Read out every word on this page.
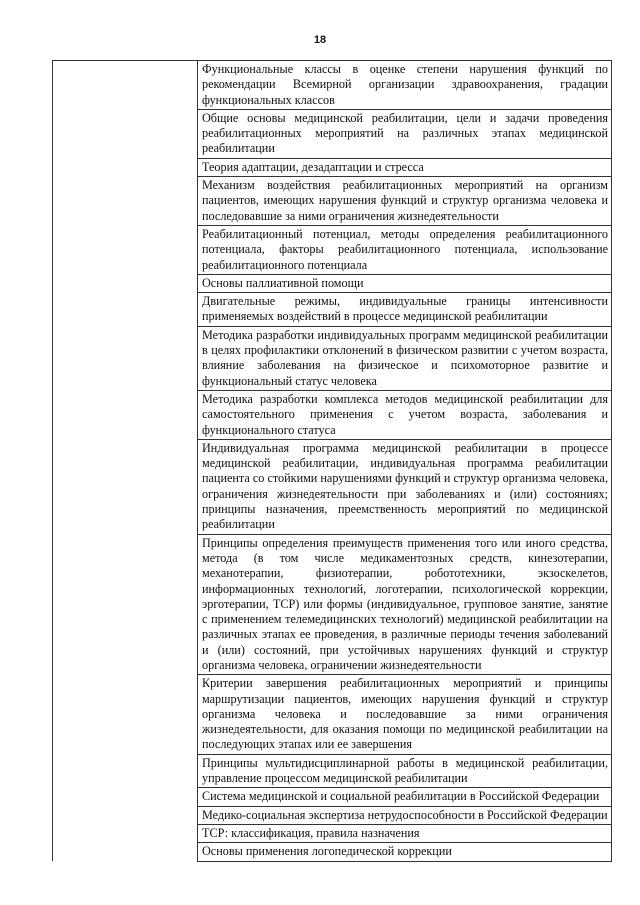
18

Функциональные классы в оценке степени нарушения функций по рекомендации Всемирной организации здравоохранения, градации функциональных классов

Общие основы медицинской реабилитации, цели и задачи проведения реабилитационных мероприятий на различных этапах медицинской реабилитации

Теория адаптации, дезадаптации и стресса

Механизм воздействия реабилитационных мероприятий на организм пациентов, имеющих нарушения функций и структур организма человека и последовавшие за ними ограничения жизнедеятельности

Реабилитационный потенциал, методы определения реабилитационного потенциала, факторы реабилитационного потенциала, использование реабилитационного потенциала

Основы паллиативной помощи

Двигательные режимы, индивидуальные границы интенсивности применяемых воздействий в процессе медицинской реабилитации

Методика разработки индивидуальных программ медицинской реабилитации в целях профилактики отклонений в физическом развитии с учетом возраста, влияние заболевания на физическое и психомоторное развитие и функциональный статус человека

Методика разработки комплекса методов медицинской реабилитации для самостоятельного применения с учетом возраста, заболевания и функционального статуса

Индивидуальная программа медицинской реабилитации в процессе медицинской реабилитации, индивидуальная программа реабилитации пациента со стойкими нарушениями функций и структур организма человека, ограничения жизнедеятельности при заболеваниях и (или) состояниях; принципы назначения, преемственность мероприятий по медицинской реабилитации

Принципы определения преимуществ применения того или иного средства, метода (в том числе медикаментозных средств, кинезотерапии, механотерапии, физиотерапии, робототехники, экзоскелетов, информационных технологий, логотерапии, психологической коррекции, эрготерапии, ТСР) или формы (индивидуальное, групповое занятие, занятие с применением телемедицинских технологий) медицинской реабилитации на различных этапах ее проведения, в различные периоды течения заболеваний и (или) состояний, при устойчивых нарушениях функций и структур организма человека, ограничении жизнедеятельности

Критерии завершения реабилитационных мероприятий и принципы маршрутизации пациентов, имеющих нарушения функций и структур организма человека и последовавшие за ними ограничения жизнедеятельности, для оказания помощи по медицинской реабилитации на последующих этапах или ее завершения

Принципы мультидисциплинарной работы в медицинской реабилитации, управление процессом медицинской реабилитации

Система медицинской и социальной реабилитации в Российской Федерации

Медико-социальная экспертиза нетрудоспособности в Российской Федерации

ТСР: классификация, правила назначения

Основы применения логопедической коррекции
